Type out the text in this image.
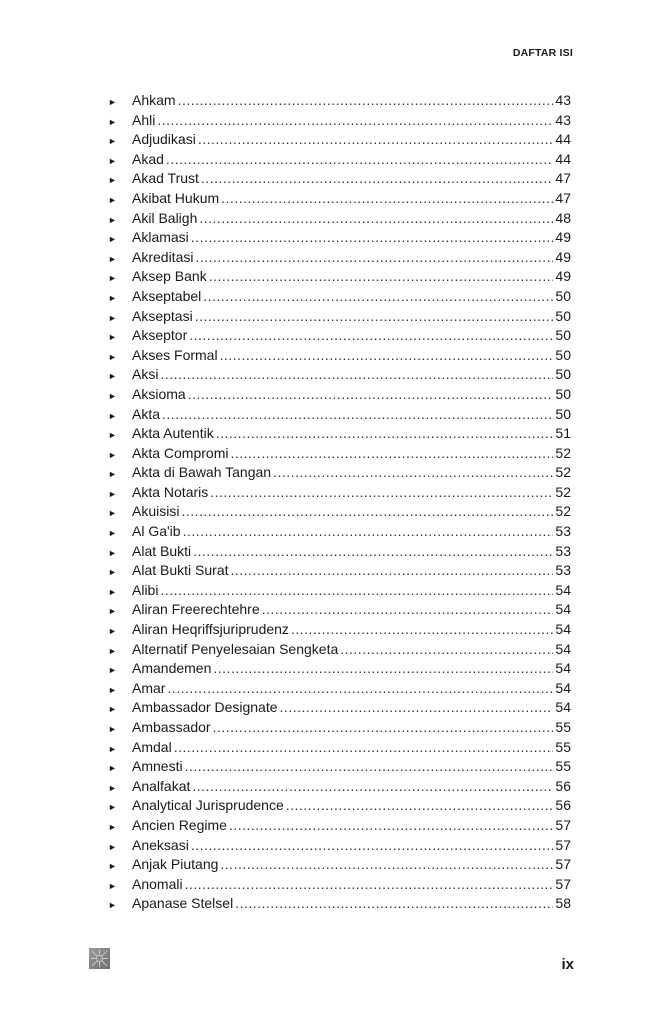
DAFTAR ISI
►	Ahkam .....	43
►	Ahli .....	43
►	Adjudikasi .....	44
►	Akad .....	44
►	Akad Trust .....	47
►	Akibat Hukum .....	47
►	Akil Baligh .....	48
►	Aklamasi .....	49
►	Akreditasi .....	49
►	Aksep Bank .....	49
►	Akseptabel .....	50
►	Akseptasi .....	50
►	Akseptor .....	50
►	Akses Formal .....	50
►	Aksi .....	50
►	Aksioma .....	50
►	Akta .....	50
►	Akta Autentik .....	51
►	Akta Compromi .....	52
►	Akta di Bawah Tangan .....	52
►	Akta Notaris .....	52
►	Akuisisi .....	52
►	Al Ga'ib .....	53
►	Alat Bukti .....	53
►	Alat Bukti Surat .....	53
►	Alibi .....	54
►	Aliran Freerechtehre .....	54
►	Aliran Heqriffsjuriprudenz .....	54
►	Alternatif Penyelesaian Sengketa .....	54
►	Amandemen .....	54
►	Amar .....	54
►	Ambassador Designate .....	54
►	Ambassador .....	55
►	Amdal .....	55
►	Amnesti .....	55
►	Analfakat .....	56
►	Analytical Jurisprudence .....	56
►	Ancien Regime .....	57
►	Aneksasi .....	57
►	Anjak Piutang .....	57
►	Anomali .....	57
►	Apanase Stelsel .....	58
ix
